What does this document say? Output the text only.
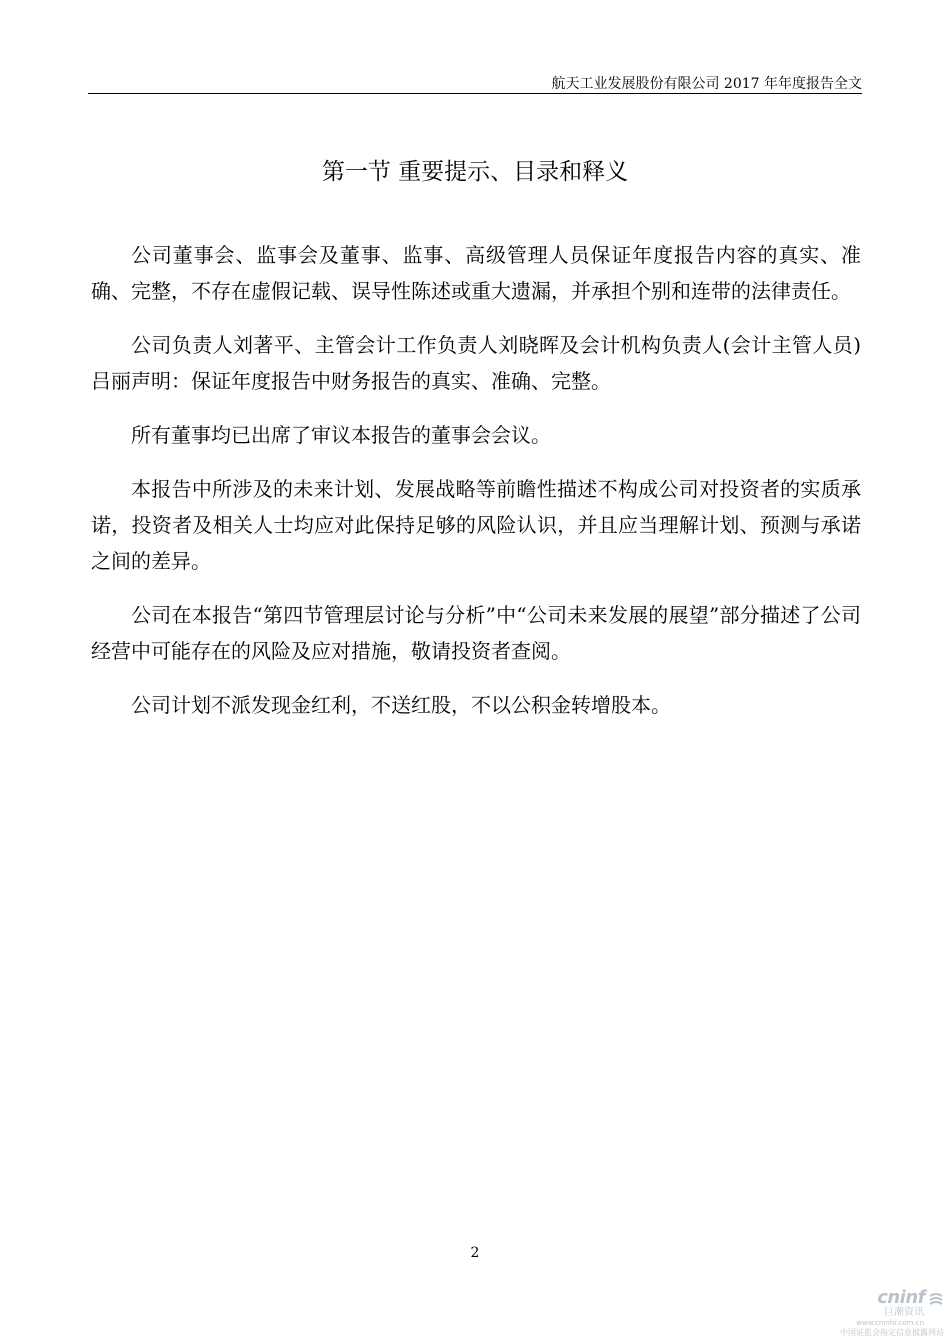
航天工业发展股份有限公司 2017 年年度报告全文
第一节 重要提示、目录和释义

公司董事会、监事会及董事、监事、高级管理人员保证年度报告内容的真实、准确、完整，不存在虚假记载、误导性陈述或重大遗漏，并承担个别和连带的法律责任。

公司负责人刘著平、主管会计工作负责人刘晓晖及会计机构负责人(会计主管人员)吕丽声明：保证年度报告中财务报告的真实、准确、完整。

所有董事均已出席了审议本报告的董事会会议。

本报告中所涉及的未来计划、发展战略等前瞻性描述不构成公司对投资者的实质承诺，投资者及相关人士均应对此保持足够的风险认识，并且应当理解计划、预测与承诺之间的差异。

公司在本报告“第四节管理层讨论与分析”中“公司未来发展的展望”部分描述了公司经营中可能存在的风险及应对措施，敬请投资者查阅。

公司计划不派发现金红利，不送红股，不以公积金转增股本。

2
cninf
巨潮资讯
www.cninfo.com.cn
中国证监会指定信息披露网站
